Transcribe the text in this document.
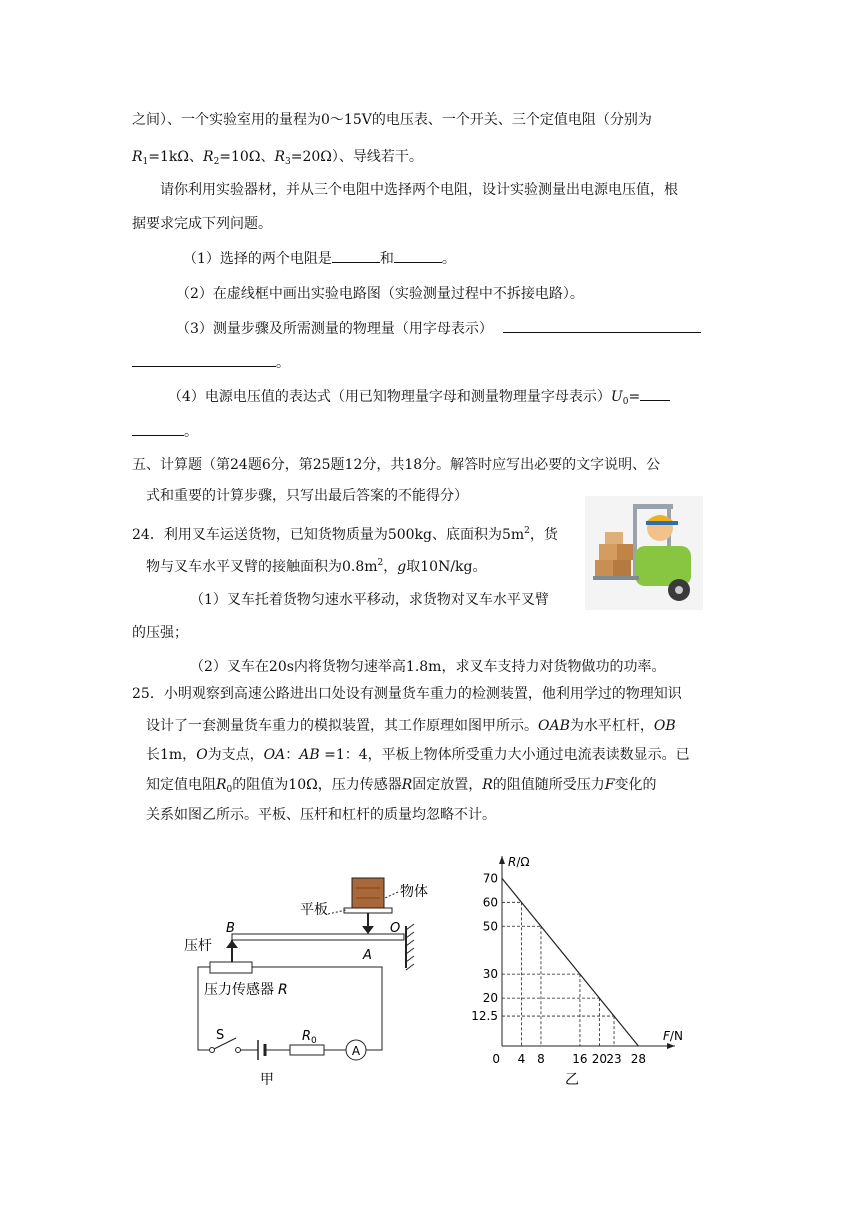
之间）、一个实验室用的量程为0～15V的电压表、一个开关、三个定值电阻（分别为
$R_1=1k\Omega$、$R_2=10\Omega$、$R_3=20\Omega$）、导线若干。
请你利用实验器材，并从三个电阻中选择两个电阻，设计实验测量出电源电压值，根
据要求完成下列问题。
（1）选择的两个电阻是	和	。
（2）在虚线框中画出实验电路图（实验测量过程中不拆接电路）。
（3）测量步骤及所需测量的物理量（用字母表示）
。
（4）电源电压值的表达式（用已知物理量字母和测量物理量字母表示）$U_0=$
。
五、计算题（第24题6分，第25题12分，共18分。解答时应写出必要的文字说明、公
式和重要的计算步骤，只写出最后答案的不能得分）
24．利用叉车运送货物，已知货物质量为500kg、底面积为$5m^2$，货
物与叉车水平叉臂的接触面积为$0.8m^2$，g取10N/kg。
（1）叉车托着货物匀速水平移动，求货物对叉车水平叉臂
的压强；
（2）叉车在20s内将货物匀速举高1.8m，求叉车支持力对货物做功的功率。
25．小明观察到高速公路进出口处设有测量货车重力的检测装置，他利用学过的物理知识
设计了一套测量货车重力的模拟装置，其工作原理如图甲所示。OAB为水平杠杆，OB
长1m，O为支点，OA：AB =1：4，平板上物体所受重力大小通过电流表读数显示。已
知定值电阻$R_0$的阻值为10Ω，压力传感器R固定放置，R的阻值随所受压力F变化的
关系如图乙所示。平板、压杆和杠杆的质量均忽略不计。
A
物体
平板
B	O
A
压杆
压力传感器 R
S	$R_0$
甲
4 8 16 20 23 28
12.5
20
30
50
60
70
0
R/Ω
F/N
乙
